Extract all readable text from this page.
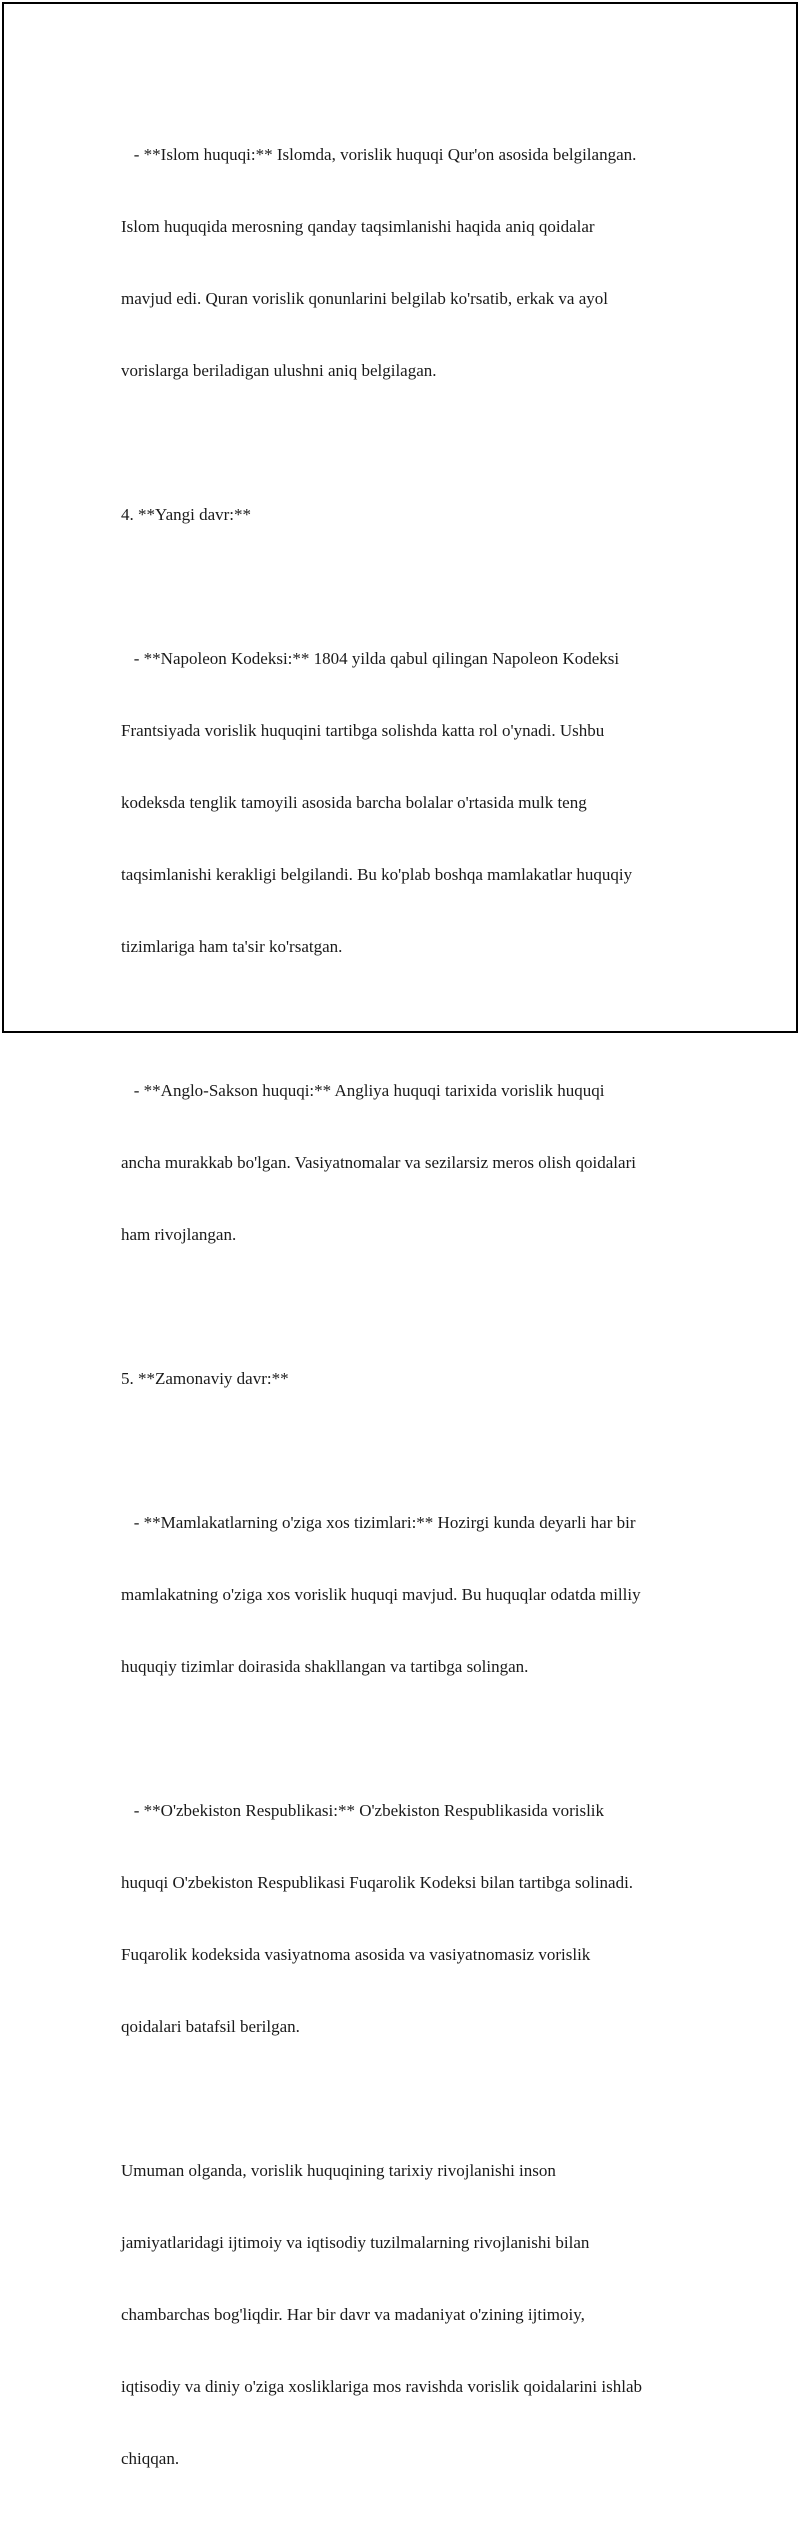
- **Islom huquqi:** Islomda, vorislik huquqi Qur'on asosida belgilangan.

Islom huquqida merosning qanday taqsimlanishi haqida aniq qoidalar

mavjud edi. Quran vorislik qonunlarini belgilab ko'rsatib, erkak va ayol

vorislarga beriladigan ulushni aniq belgilagan.

4. **Yangi davr:**

- **Napoleon Kodeksi:** 1804 yilda qabul qilingan Napoleon Kodeksi

Frantsiyada vorislik huquqini tartibga solishda katta rol o'ynadi. Ushbu

kodeksda tenglik tamoyili asosida barcha bolalar o'rtasida mulk teng

taqsimlanishi kerakligi belgilandi. Bu ko'plab boshqa mamlakatlar huquqiy

tizimlariga ham ta'sir ko'rsatgan.

- **Anglo-Sakson huquqi:** Angliya huquqi tarixida vorislik huquqi

ancha murakkab bo'lgan. Vasiyatnomalar va sezilarsiz meros olish qoidalari

ham rivojlangan.

5. **Zamonaviy davr:**

- **Mamlakatlarning o'ziga xos tizimlari:** Hozirgi kunda deyarli har bir

mamlakatning o'ziga xos vorislik huquqi mavjud. Bu huquqlar odatda milliy

huquqiy tizimlar doirasida shakllangan va tartibga solingan.

- **O'zbekiston Respublikasi:** O'zbekiston Respublikasida vorislik

huquqi O'zbekiston Respublikasi Fuqarolik Kodeksi bilan tartibga solinadi.

Fuqarolik kodeksida vasiyatnoma asosida va vasiyatnomasiz vorislik

qoidalari batafsil berilgan.

Umuman olganda, vorislik huquqining tarixiy rivojlanishi inson

jamiyatlaridagi ijtimoiy va iqtisodiy tuzilmalarning rivojlanishi bilan

chambarchas bog'liqdir. Har bir davr va madaniyat o'zining ijtimoiy,

iqtisodiy va diniy o'ziga xosliklariga mos ravishda vorislik qoidalarini ishlab

chiqqan.
